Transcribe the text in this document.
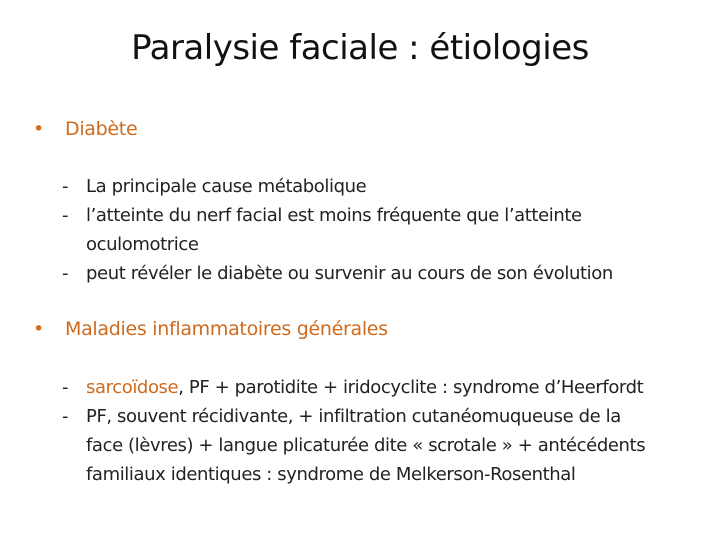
Paralysie faciale : étiologies
• Diabète
- La principale cause métabolique
- l’atteinte du nerf facial est moins fréquente que l’atteinte
oculomotrice
- peut révéler le diabète ou survenir au cours de son évolution
• Maladies inflammatoires générales
- sarcoïdose, PF + parotidite + iridocyclite : syndrome d’Heerfordt
- PF, souvent récidivante, + infiltration cutanéomuqueuse de la
face (lèvres) + langue plicaturée dite « scrotale » + antécédents
familiaux identiques : syndrome de Melkerson-Rosenthal
